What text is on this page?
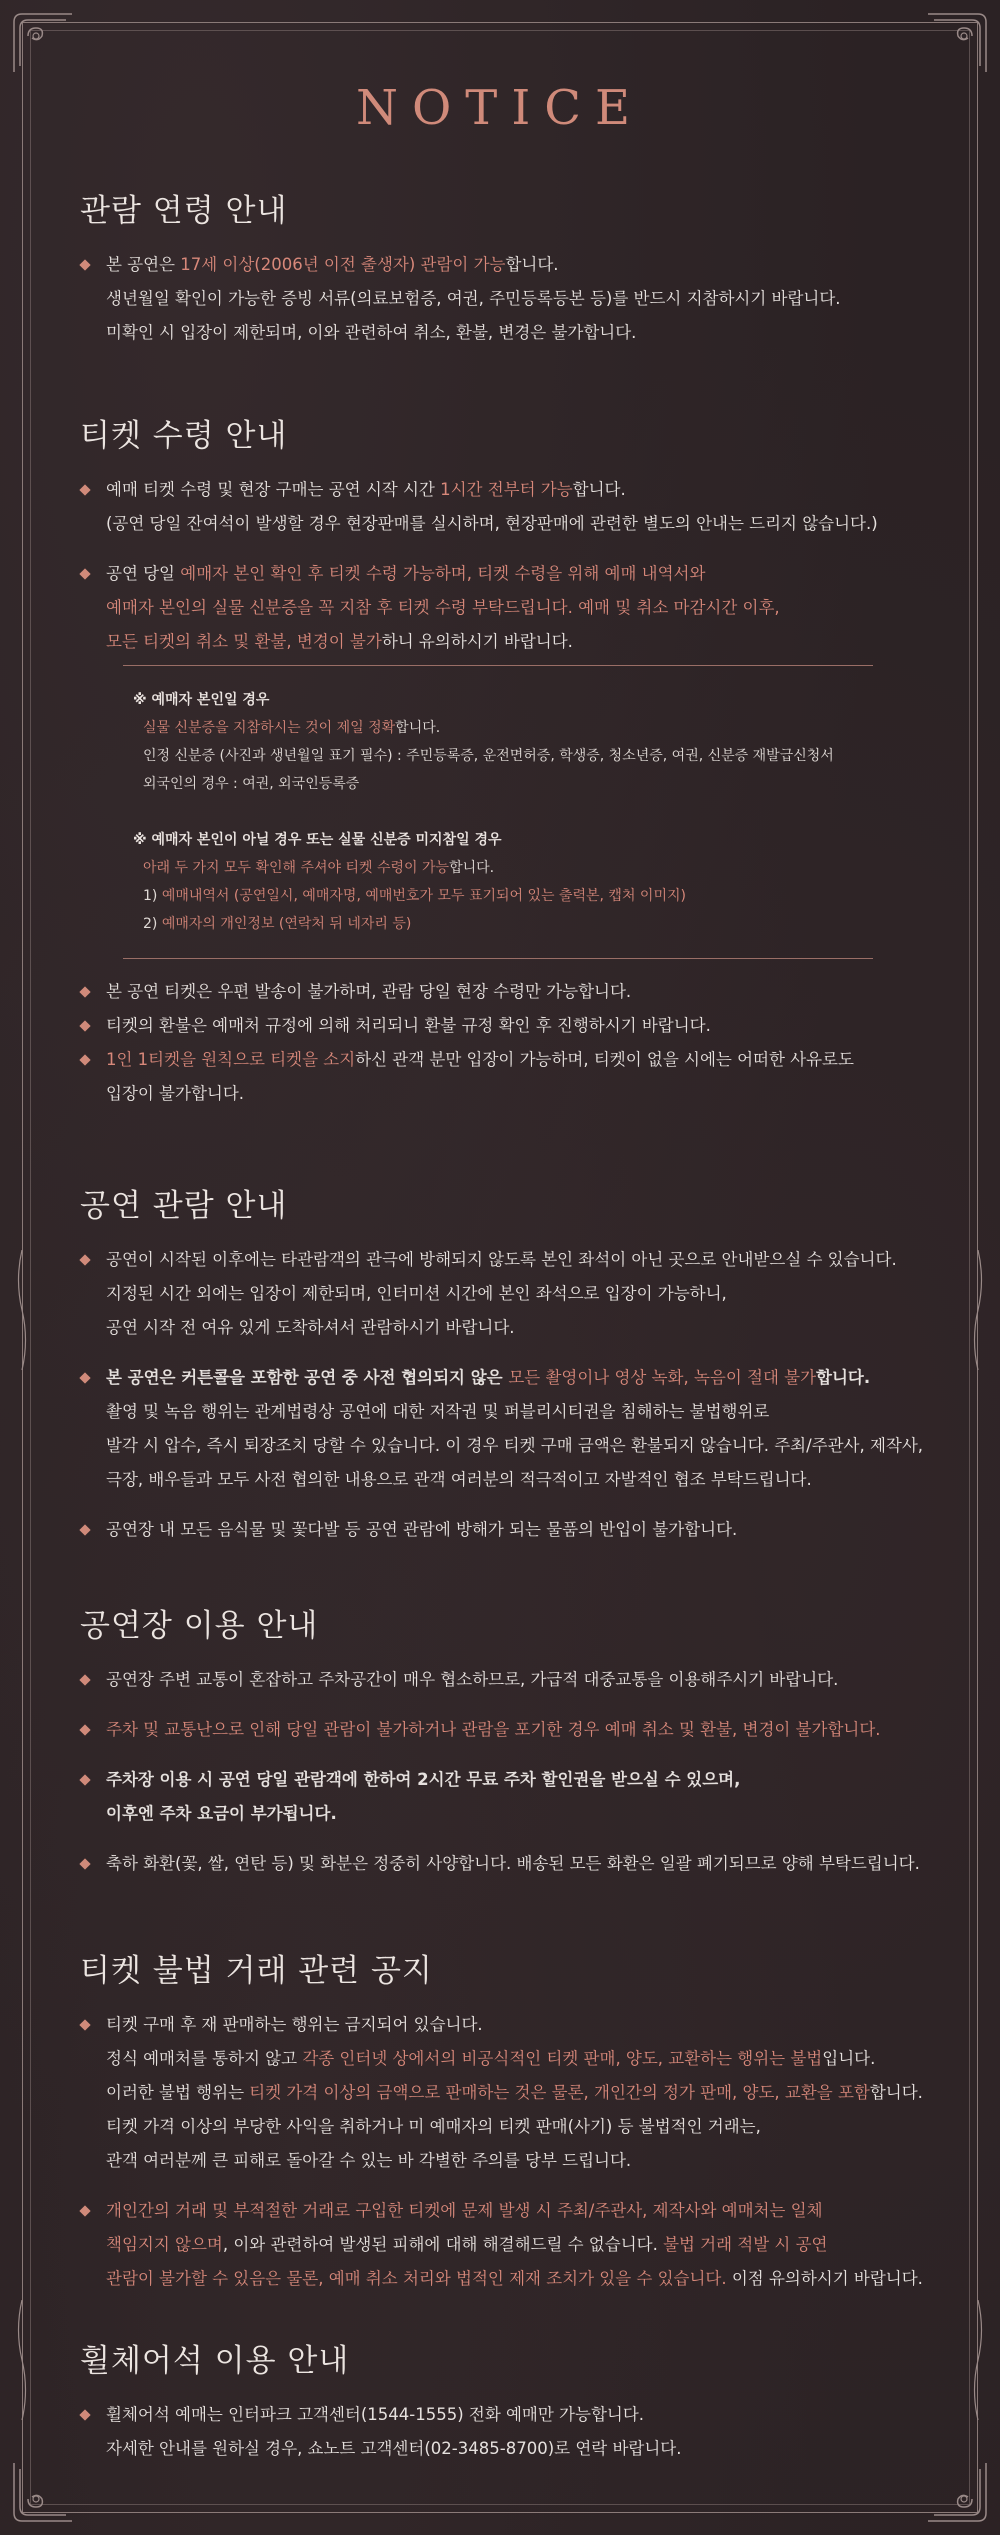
NOTICE
관람 연령 안내
본 공연은 17세 이상(2006년 이전 출생자) 관람이 가능합니다.
생년월일 확인이 가능한 증빙 서류(의료보험증, 여권, 주민등록등본 등)를 반드시 지참하시기 바랍니다.
미확인 시 입장이 제한되며, 이와 관련하여 취소, 환불, 변경은 불가합니다.
티켓 수령 안내
예매 티켓 수령 및 현장 구매는 공연 시작 시간 1시간 전부터 가능합니다.
(공연 당일 잔여석이 발생할 경우 현장판매를 실시하며, 현장판매에 관련한 별도의 안내는 드리지 않습니다.)
공연 당일 예매자 본인 확인 후 티켓 수령 가능하며, 티켓 수령을 위해 예매 내역서와
예매자 본인의 실물 신분증을 꼭 지참 후 티켓 수령 부탁드립니다. 예매 및 취소 마감시간 이후,
모든 티켓의 취소 및 환불, 변경이 불가하니 유의하시기 바랍니다.
※ 예매자 본인일 경우
실물 신분증을 지참하시는 것이 제일 정확합니다.
인정 신분증 (사진과 생년월일 표기 필수) : 주민등록증, 운전면허증, 학생증, 청소년증, 여권, 신분증 재발급신청서
외국인의 경우 : 여권, 외국인등록증
※ 예매자 본인이 아닐 경우 또는 실물 신분증 미지참일 경우
아래 두 가지 모두 확인해 주셔야 티켓 수령이 가능합니다.
1) 예매내역서 (공연일시, 예매자명, 예매번호가 모두 표기되어 있는 출력본, 캡처 이미지)
2) 예매자의 개인정보 (연락처 뒤 네자리 등)
본 공연 티켓은 우편 발송이 불가하며, 관람 당일 현장 수령만 가능합니다.
티켓의 환불은 예매처 규정에 의해 처리되니 환불 규정 확인 후 진행하시기 바랍니다.
1인 1티켓을 원칙으로 티켓을 소지하신 관객 분만 입장이 가능하며, 티켓이 없을 시에는 어떠한 사유로도
입장이 불가합니다.
공연 관람 안내
공연이 시작된 이후에는 타관람객의 관극에 방해되지 않도록 본인 좌석이 아닌 곳으로 안내받으실 수 있습니다.
지정된 시간 외에는 입장이 제한되며, 인터미션 시간에 본인 좌석으로 입장이 가능하니,
공연 시작 전 여유 있게 도착하셔서 관람하시기 바랍니다.
본 공연은 커튼콜을 포함한 공연 중 사전 협의되지 않은 모든 촬영이나 영상 녹화, 녹음이 절대 불가합니다.
촬영 및 녹음 행위는 관계법령상 공연에 대한 저작권 및 퍼블리시티권을 침해하는 불법행위로
발각 시 압수, 즉시 퇴장조치 당할 수 있습니다. 이 경우 티켓 구매 금액은 환불되지 않습니다. 주최/주관사, 제작사,
극장, 배우들과 모두 사전 협의한 내용으로 관객 여러분의 적극적이고 자발적인 협조 부탁드립니다.
공연장 내 모든 음식물 및 꽃다발 등 공연 관람에 방해가 되는 물품의 반입이 불가합니다.
공연장 이용 안내
공연장 주변 교통이 혼잡하고 주차공간이 매우 협소하므로, 가급적 대중교통을 이용해주시기 바랍니다.
주차 및 교통난으로 인해 당일 관람이 불가하거나 관람을 포기한 경우 예매 취소 및 환불, 변경이 불가합니다.
주차장 이용 시 공연 당일 관람객에 한하여 2시간 무료 주차 할인권을 받으실 수 있으며,
이후엔 주차 요금이 부가됩니다.
축하 화환(꽃, 쌀, 연탄 등) 및 화분은 정중히 사양합니다. 배송된 모든 화환은 일괄 폐기되므로 양해 부탁드립니다.
티켓 불법 거래 관련 공지
티켓 구매 후 재 판매하는 행위는 금지되어 있습니다.
정식 예매처를 통하지 않고 각종 인터넷 상에서의 비공식적인 티켓 판매, 양도, 교환하는 행위는 불법입니다.
이러한 불법 행위는 티켓 가격 이상의 금액으로 판매하는 것은 물론, 개인간의 정가 판매, 양도, 교환을 포함합니다.
티켓 가격 이상의 부당한 사익을 취하거나 미 예매자의 티켓 판매(사기) 등 불법적인 거래는,
관객 여러분께 큰 피해로 돌아갈 수 있는 바 각별한 주의를 당부 드립니다.
개인간의 거래 및 부적절한 거래로 구입한 티켓에 문제 발생 시 주최/주관사, 제작사와 예매처는 일체
책임지지 않으며, 이와 관련하여 발생된 피해에 대해 해결해드릴 수 없습니다. 불법 거래 적발 시 공연
관람이 불가할 수 있음은 물론, 예매 취소 처리와 법적인 제재 조치가 있을 수 있습니다. 이점 유의하시기 바랍니다.
휠체어석 이용 안내
휠체어석 예매는 인터파크 고객센터(1544-1555) 전화 예매만 가능합니다.
자세한 안내를 원하실 경우, 쇼노트 고객센터(02-3485-8700)로 연락 바랍니다.
